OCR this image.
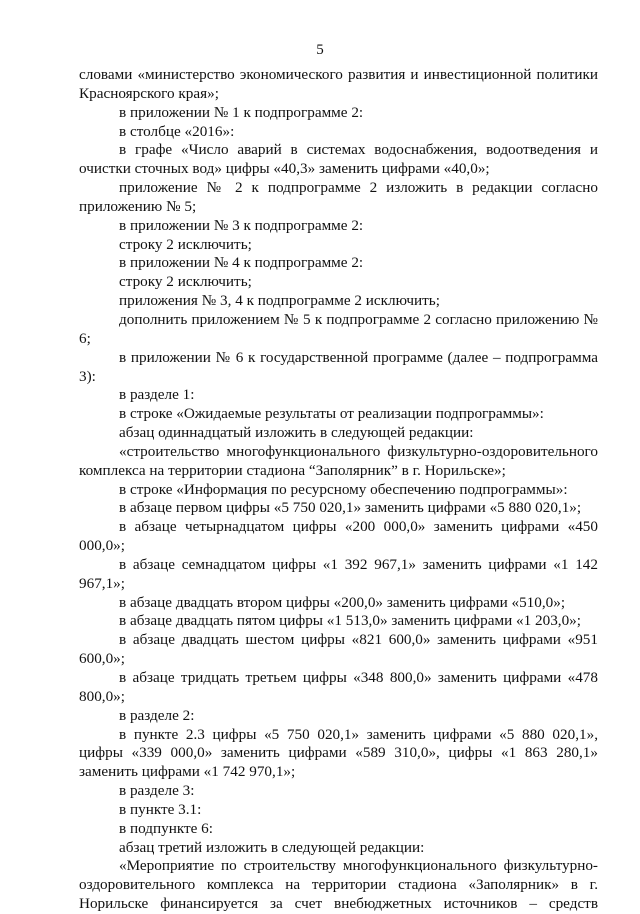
5

словами «министерство экономического развития и инвестиционной политики Красноярского края»;

в приложении № 1 к подпрограмме 2:

в столбце «2016»:

в графе «Число аварий в системах водоснабжения, водоотведения и очистки сточных вод» цифры «40,3» заменить цифрами «40,0»;

приложение № 2 к подпрограмме 2 изложить в редакции согласно приложению № 5;

в приложении № 3 к подпрограмме 2:

строку 2 исключить;

в приложении № 4 к подпрограмме 2:

строку 2 исключить;

приложения № 3, 4 к подпрограмме 2 исключить;

дополнить приложением № 5 к подпрограмме 2 согласно приложению № 6;

в приложении № 6 к государственной программе (далее – подпрограмма 3):

в разделе 1:

в строке «Ожидаемые результаты от реализации подпрограммы»:

абзац одиннадцатый изложить в следующей редакции:

«строительство многофункционального физкультурно-оздоровительного комплекса на территории стадиона “Заполярник” в г. Норильске»;

в строке «Информация по ресурсному обеспечению подпрограммы»:

в абзаце первом цифры «5 750 020,1» заменить цифрами «5 880 020,1»;

в абзаце четырнадцатом цифры «200 000,0» заменить цифрами «450 000,0»;

в абзаце семнадцатом цифры «1 392 967,1» заменить цифрами «1 142 967,1»;

в абзаце двадцать втором цифры «200,0» заменить цифрами «510,0»;

в абзаце двадцать пятом цифры «1 513,0» заменить цифрами «1 203,0»;

в абзаце двадцать шестом цифры «821 600,0» заменить цифрами «951 600,0»;

в абзаце тридцать третьем цифры «348 800,0» заменить цифрами «478 800,0»;

в разделе 2:

в пункте 2.3 цифры «5 750 020,1» заменить цифрами «5 880 020,1», цифры «339 000,0» заменить цифрами «589 310,0», цифры «1 863 280,1» заменить цифрами «1 742 970,1»;

в разделе 3:

в пункте 3.1:

в подпункте 6:

абзац третий изложить в следующей редакции:

«Мероприятие по строительству многофункционального физкультурно-оздоровительного комплекса на территории стадиона «Заполярник» в г. Норильске финансируется за счет внебюджетных источников – средств
